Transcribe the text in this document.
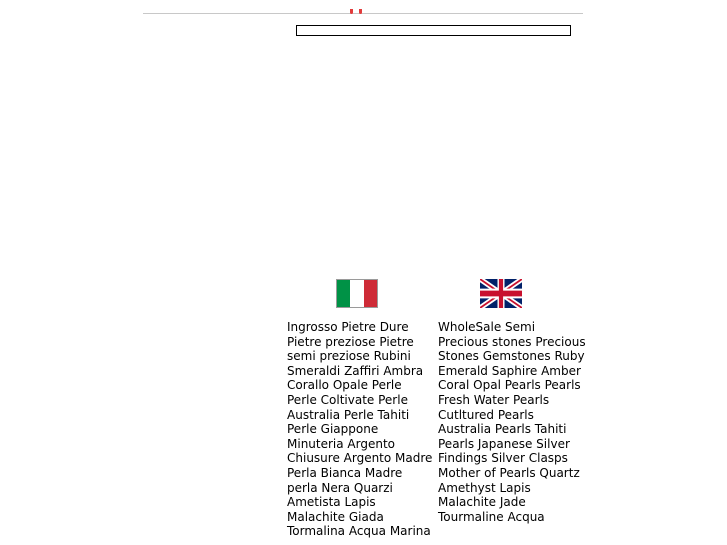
Ingrosso Pietre Dure Pietre preziose Pietre semi preziose Rubini Smeraldi Zaffiri Ambra Corallo Opale Perle Perle Coltivate Perle Australia Perle Tahiti Perle Giappone Minuteria Argento Chiusure Argento Madre Perla Bianca Madre perla Nera Quarzi Ametista Lapis Malachite Giada Tormalina Acqua Marina
WholeSale Semi Precious stones Precious Stones Gemstones Ruby Emerald Saphire Amber Coral Opal Pearls Pearls Fresh Water Pearls Cutltured Pearls Australia Pearls Tahiti Pearls Japanese Silver Findings Silver Clasps Mother of Pearls Quartz Amethyst Lapis Malachite Jade Tourmaline Acqua
